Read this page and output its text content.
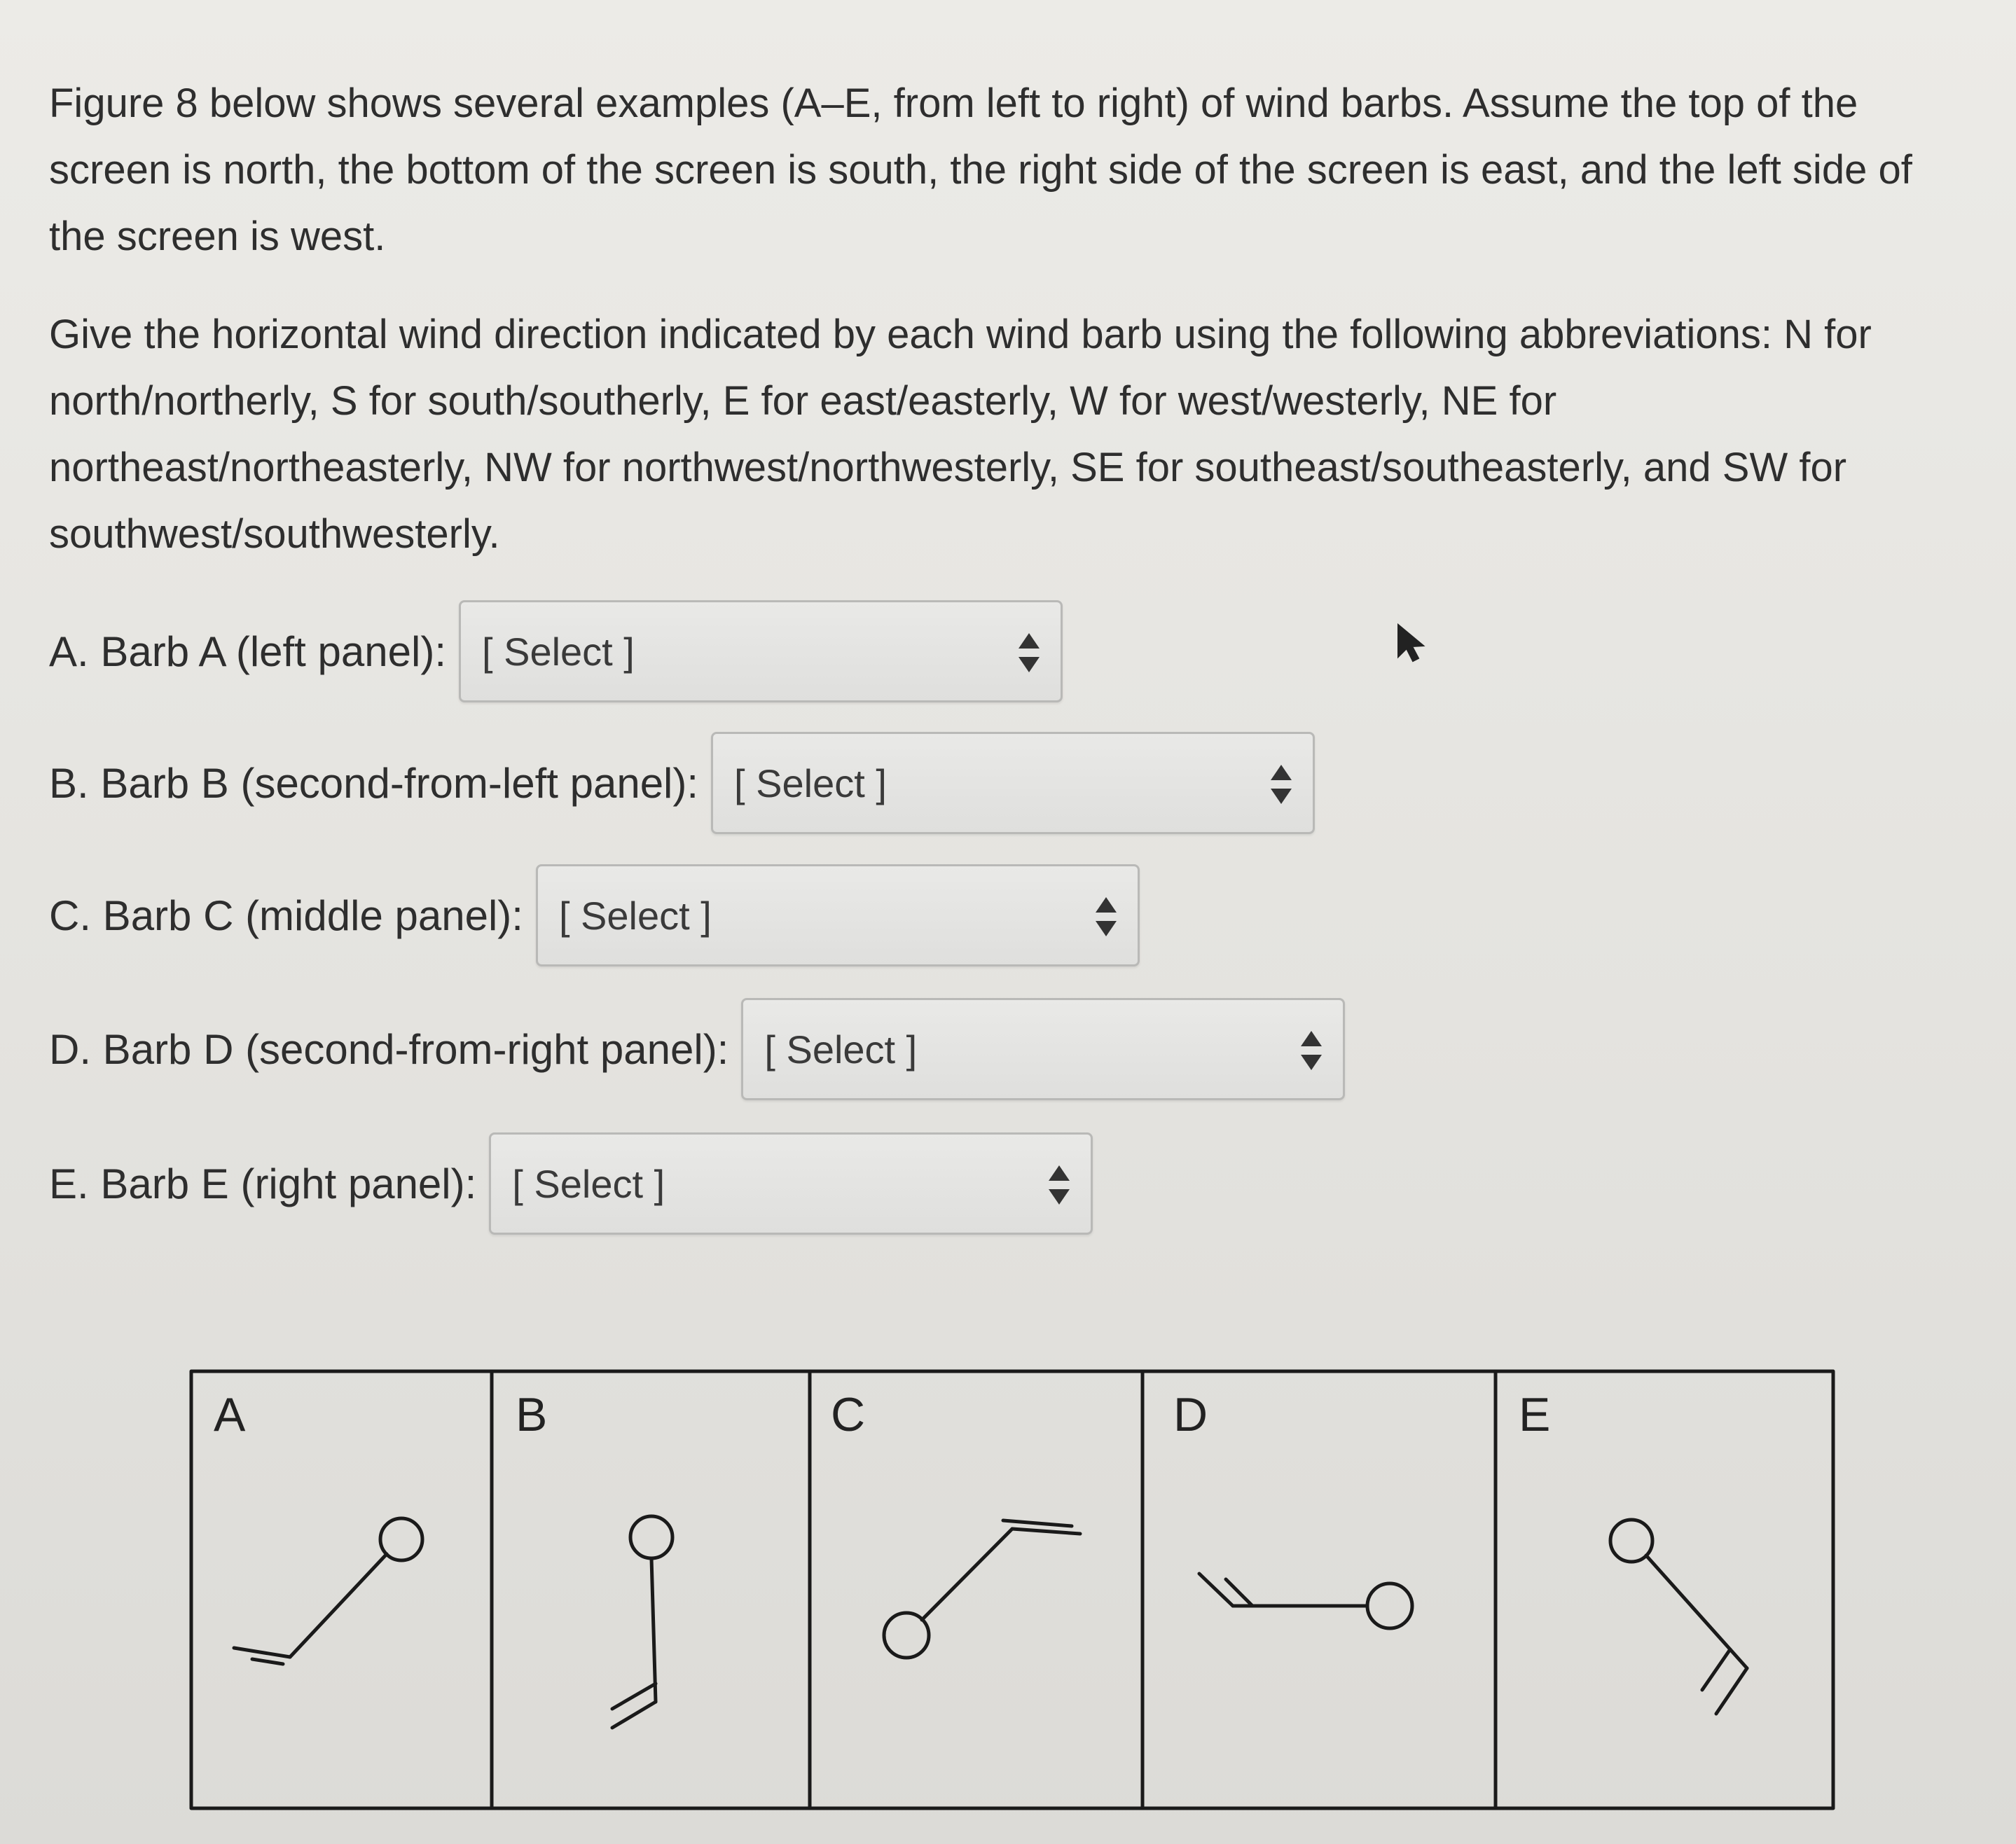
Figure 8 below shows several examples (A–E, from left to right) of wind barbs. Assume the top of the screen is north, the bottom of the screen is south, the right side of the screen is east, and the left side of the screen is west.

Give the horizontal wind direction indicated by each wind barb using the following abbreviations: N for north/northerly, S for south/southerly, E for east/easterly, W for west/westerly, NE for northeast/northeasterly, NW for northwest/northwesterly, SE for southeast/southeasterly, and SW for southwest/southwesterly.

A. Barb A (left panel): [ Select ]
B. Barb B (second-from-left panel): [ Select ]
C. Barb C (middle panel): [ Select ]
D. Barb D (second-from-right panel): [ Select ]
E. Barb E (right panel): [ Select ]
A	B	C	D	E
